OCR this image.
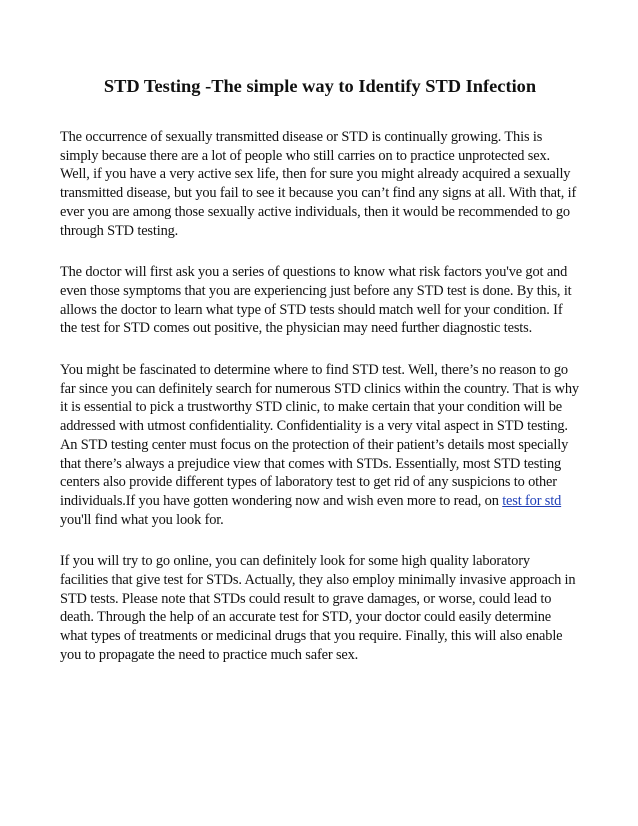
STD Testing -The simple way to Identify STD Infection

The occurrence of sexually transmitted disease or STD is continually growing. This is simply because there are a lot of people who still carries on to practice unprotected sex. Well, if you have a very active sex life, then for sure you might already acquired a sexually transmitted disease, but you fail to see it because you can’t find any signs at all. With that, if ever you are among those sexually active individuals, then it would be recommended to go through STD testing.

The doctor will first ask you a series of questions to know what risk factors you've got and even those symptoms that you are experiencing just before any STD test is done. By this, it allows the doctor to learn what type of STD tests should match well for your condition. If the test for STD comes out positive, the physician may need further diagnostic tests.

You might be fascinated to determine where to find STD test. Well, there’s no reason to go far since you can definitely search for numerous STD clinics within the country. That is why it is essential to pick a trustworthy STD clinic, to make certain that your condition will be addressed with utmost confidentiality. Confidentiality is a very vital aspect in STD testing. An STD testing center must focus on the protection of their patient’s details most specially that there’s always a prejudice view that comes with STDs. Essentially, most STD testing centers also provide different types of laboratory test to get rid of any suspicions to other individuals.If you have gotten wondering now and wish even more to read, on test for std you'll find what you look for.

If you will try to go online, you can definitely look for some high quality laboratory facilities that give test for STDs. Actually, they also employ minimally invasive approach in STD tests. Please note that STDs could result to grave damages, or worse, could lead to death. Through the help of an accurate test for STD, your doctor could easily determine what types of treatments or medicinal drugs that you require. Finally, this will also enable you to propagate the need to practice much safer sex.
